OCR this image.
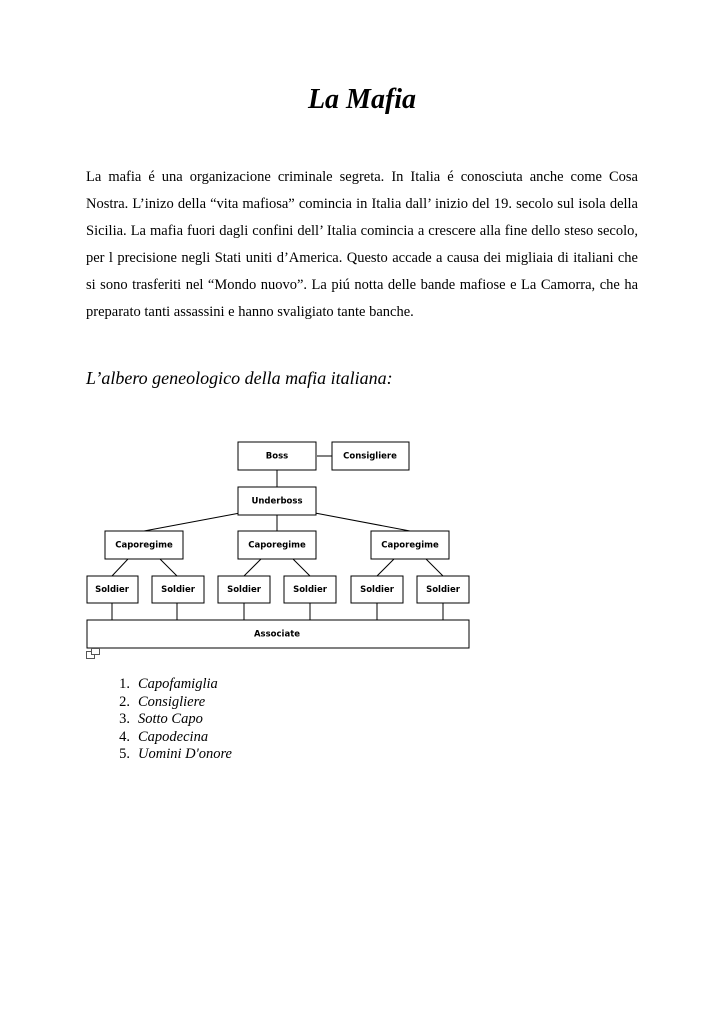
La Mafia

La mafia é una organizacione criminale segreta. In Italia é conosciuta anche come Cosa Nostra. L’inizo della “vita mafiosa” comincia in Italia dall’ inizio del 19. secolo sul isola della Sicilia. La mafia fuori dagli confini dell’ Italia comincia a crescere alla fine dello steso secolo, per l precisione negli Stati uniti d’America. Questo accade a causa dei migliaia di italiani che si sono trasferiti nel “Mondo nuovo”. La piú notta delle bande mafiose e La Camorra, che ha preparato tanti assassini e hanno svaligiato tante banche.

L’albero geneologico della mafia italiana:
Boss	Consigliere
Underboss
Caporegime	Caporegime	Caporegime
Soldier	Soldier	Soldier	Soldier	Soldier	Soldier
Associate
1. Capofamiglia
2. Consigliere
3. Sotto Capo
4. Capodecina
5. Uomini D'onore
